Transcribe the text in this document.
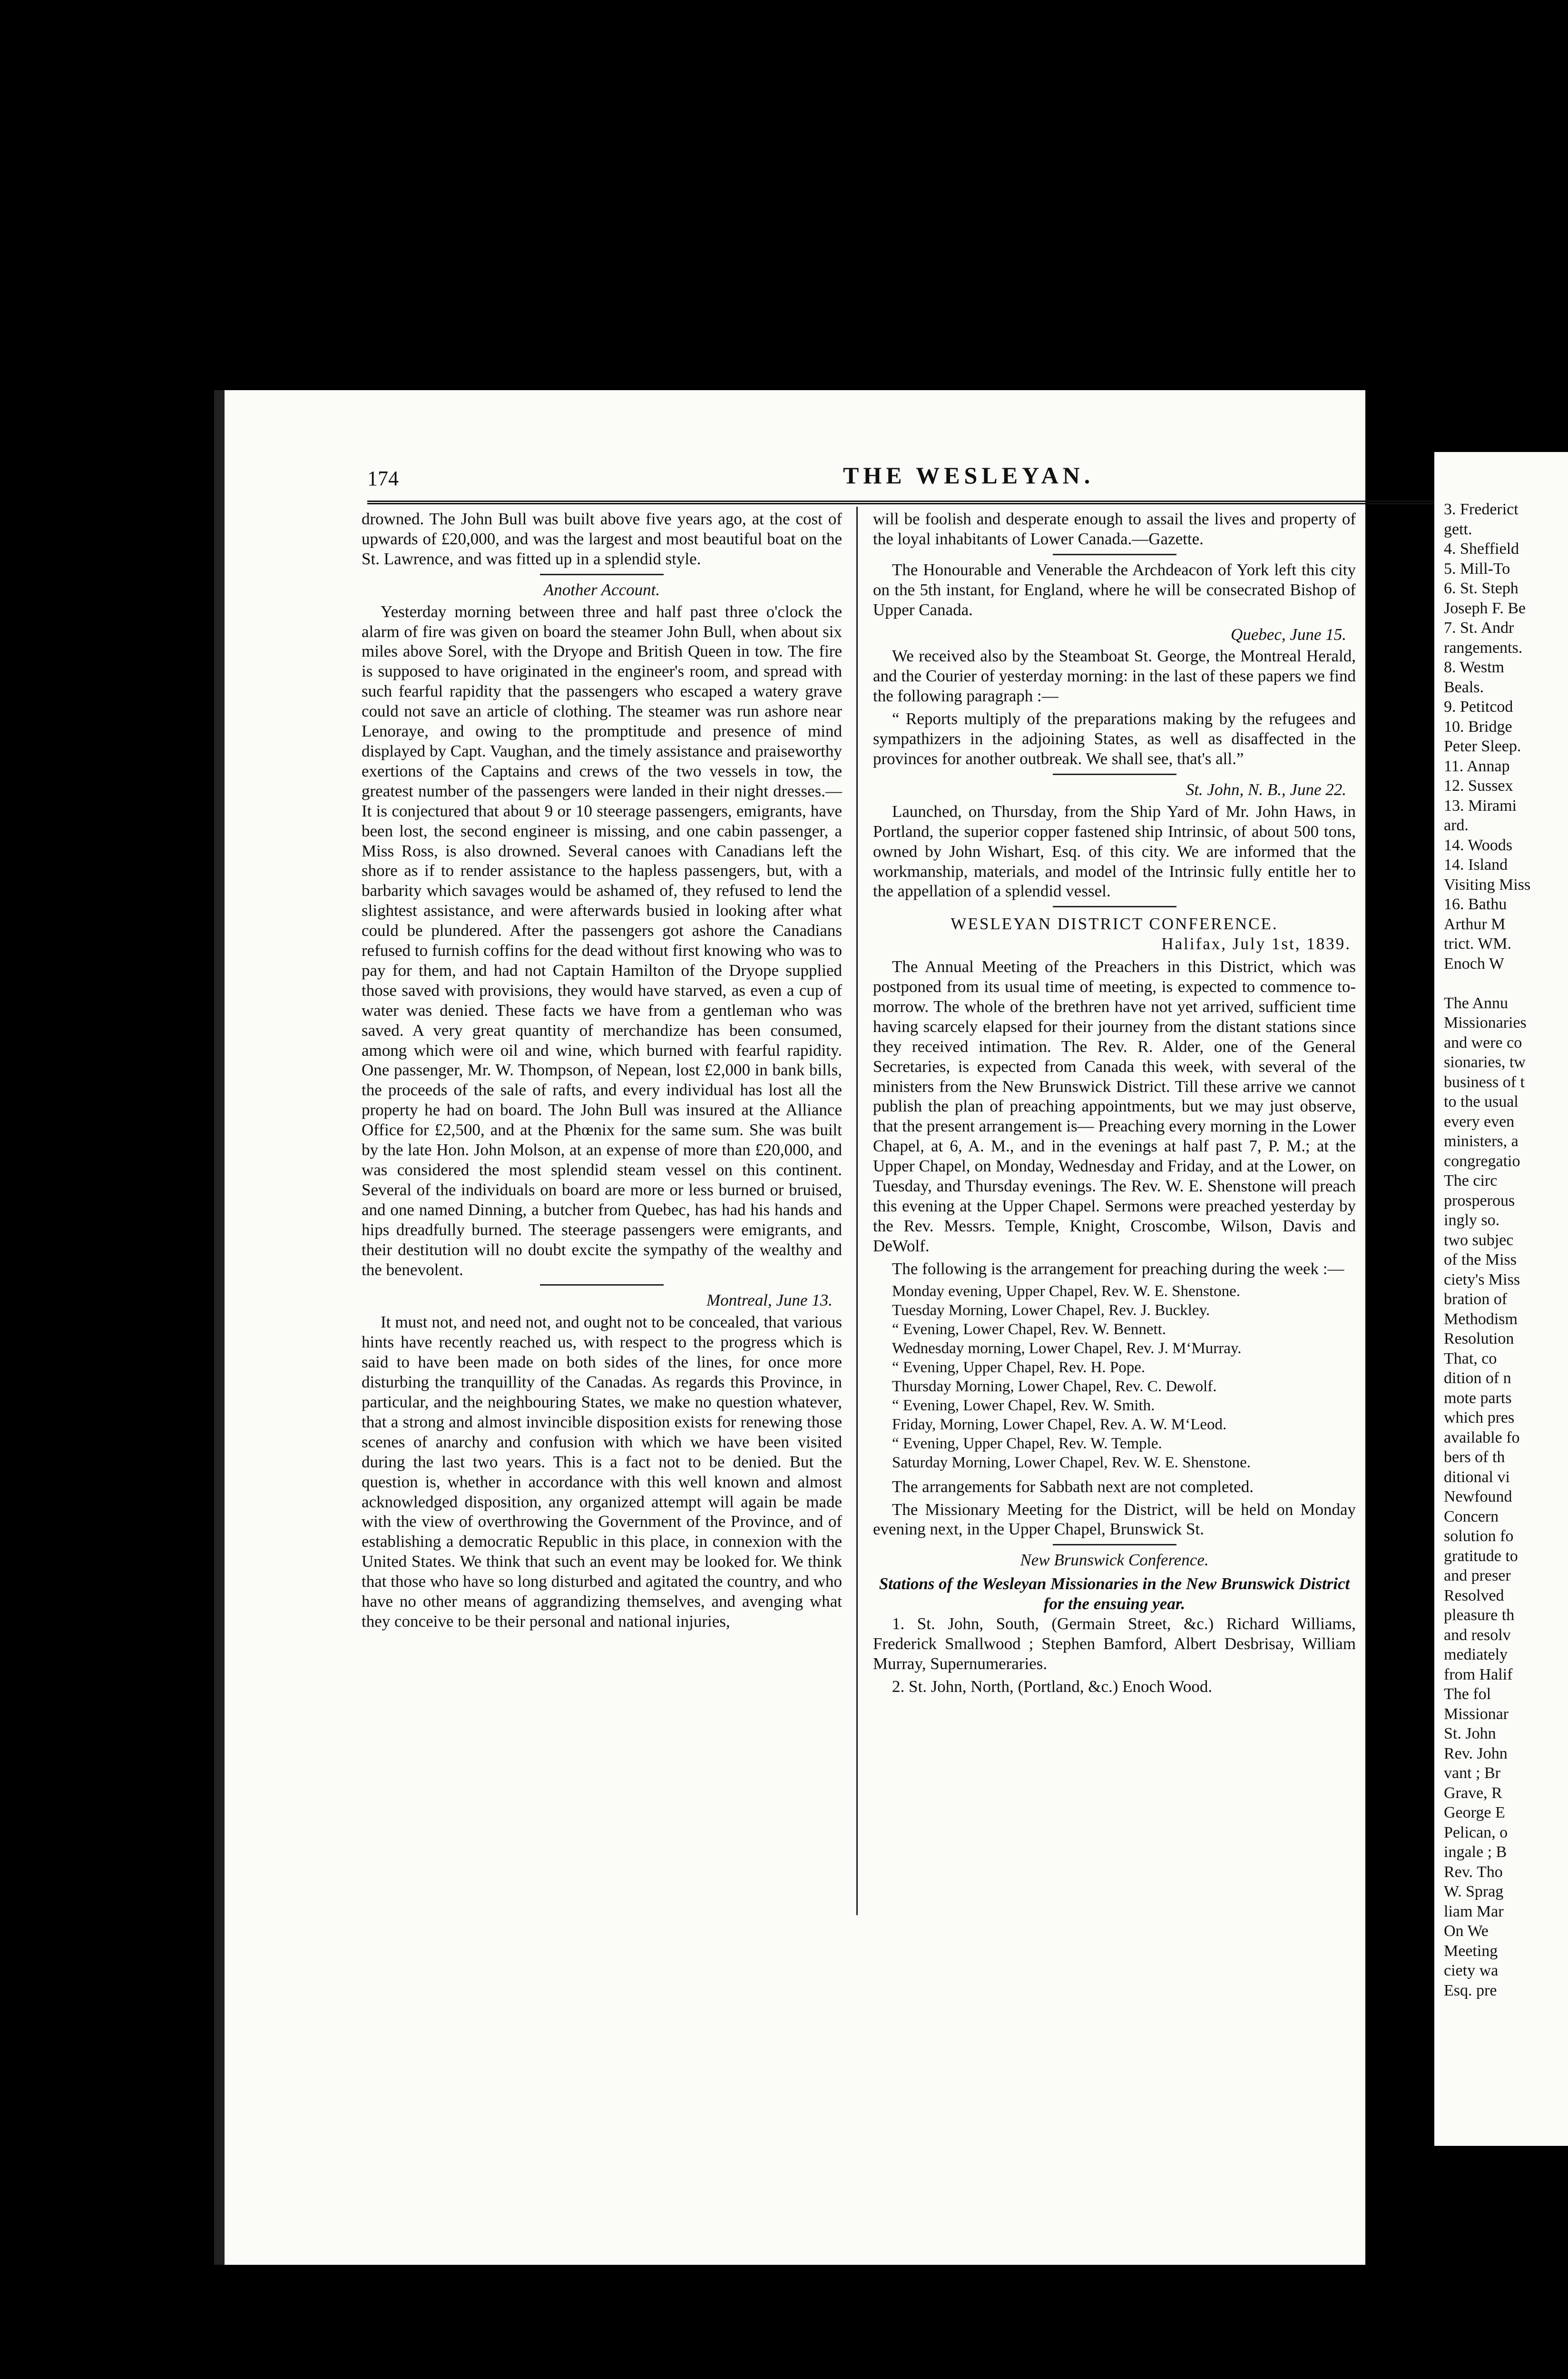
174	THE WESLEYAN.

drowned. The John Bull was built above five years ago, at the cost of upwards of £20,000, and was the largest and most beautiful boat on the St. Lawrence, and was fitted up in a splendid style.

Another Account.

Yesterday morning between three and half past three o'clock the alarm of fire was given on board the steamer John Bull, when about six miles above Sorel, with the Dryope and British Queen in tow. The fire is supposed to have originated in the engineer's room, and spread with such fearful rapidity that the passengers who escaped a watery grave could not save an article of clothing. The steamer was run ashore near Lenoraye, and owing to the promptitude and presence of mind displayed by Capt. Vaughan, and the timely assistance and praiseworthy exertions of the Captains and crews of the two vessels in tow, the greatest number of the passengers were landed in their night dresses.—It is conjectured that about 9 or 10 steerage passengers, emigrants, have been lost, the second engineer is missing, and one cabin passenger, a Miss Ross, is also drowned. Several canoes with Canadians left the shore as if to render assistance to the hapless passengers, but, with a barbarity which savages would be ashamed of, they refused to lend the slightest assistance, and were afterwards busied in looking after what could be plundered. After the passengers got ashore the Canadians refused to furnish coffins for the dead without first knowing who was to pay for them, and had not Captain Hamilton of the Dryope supplied those saved with provisions, they would have starved, as even a cup of water was denied. These facts we have from a gentleman who was saved. A very great quantity of merchandize has been consumed, among which were oil and wine, which burned with fearful rapidity. One passenger, Mr. W. Thompson, of Nepean, lost £2,000 in bank bills, the proceeds of the sale of rafts, and every individual has lost all the property he had on board. The John Bull was insured at the Alliance Office for £2,500, and at the Phœnix for the same sum. She was built by the late Hon. John Molson, at an expense of more than £20,000, and was considered the most splendid steam vessel on this continent. Several of the individuals on board are more or less burned or bruised, and one named Dinning, a butcher from Quebec, has had his hands and hips dreadfully burned. The steerage passengers were emigrants, and their destitution will no doubt excite the sympathy of the wealthy and the benevolent.

Montreal, June 13.

It must not, and need not, and ought not to be concealed, that various hints have recently reached us, with respect to the progress which is said to have been made on both sides of the lines, for once more disturbing the tranquillity of the Canadas. As regards this Province, in particular, and the neighbouring States, we make no question whatever, that a strong and almost invincible disposition exists for renewing those scenes of anarchy and confusion with which we have been visited during the last two years. This is a fact not to be denied. But the question is, whether in accordance with this well known and almost acknowledged disposition, any organized attempt will again be made with the view of overthrowing the Government of the Province, and of establishing a democratic Republic in this place, in connexion with the United States. We think that such an event may be looked for. We think that those who have so long disturbed and agitated the country, and who have no other means of aggrandizing themselves, and avenging what they conceive to be their personal and national injuries,

will be foolish and desperate enough to assail the lives and property of the loyal inhabitants of Lower Canada.—Gazette.

The Honourable and Venerable the Archdeacon of York left this city on the 5th instant, for England, where he will be consecrated Bishop of Upper Canada.

Quebec, June 15.

We received also by the Steamboat St. George, the Montreal Herald, and the Courier of yesterday morning: in the last of these papers we find the following paragraph :—

“ Reports multiply of the preparations making by the refugees and sympathizers in the adjoining States, as well as disaffected in the provinces for another outbreak. We shall see, that's all.”

St. John, N. B., June 22.

Launched, on Thursday, from the Ship Yard of Mr. John Haws, in Portland, the superior copper fastened ship Intrinsic, of about 500 tons, owned by John Wishart, Esq. of this city. We are informed that the workmanship, materials, and model of the Intrinsic fully entitle her to the appellation of a splendid vessel.

WESLEYAN DISTRICT CONFERENCE.
Halifax, July 1st, 1839.

The Annual Meeting of the Preachers in this District, which was postponed from its usual time of meeting, is expected to commence to-morrow. The whole of the brethren have not yet arrived, sufficient time having scarcely elapsed for their journey from the distant stations since they received intimation. The Rev. R. Alder, one of the General Secretaries, is expected from Canada this week, with several of the ministers from the New Brunswick District. Till these arrive we cannot publish the plan of preaching appointments, but we may just observe, that the present arrangement is— Preaching every morning in the Lower Chapel, at 6, A. M., and in the evenings at half past 7, P. M.; at the Upper Chapel, on Monday, Wednesday and Friday, and at the Lower, on Tuesday, and Thursday evenings. The Rev. W. E. Shenstone will preach this evening at the Upper Chapel. Sermons were preached yesterday by the Rev. Messrs. Temple, Knight, Croscombe, Wilson, Davis and DeWolf.

The following is the arrangement for preaching during the week :—

Monday evening, Upper Chapel, Rev. W. E. Shenstone.
Tuesday Morning, Lower Chapel, Rev. J. Buckley.
“ Evening, Lower Chapel, Rev. W. Bennett.
Wednesday morning, Lower Chapel, Rev. J. M‘Murray.
“ Evening, Upper Chapel, Rev. H. Pope.
Thursday Morning, Lower Chapel, Rev. C. Dewolf.
“ Evening, Lower Chapel, Rev. W. Smith.
Friday, Morning, Lower Chapel, Rev. A. W. M‘Leod.
“ Evening, Upper Chapel, Rev. W. Temple.
Saturday Morning, Lower Chapel, Rev. W. E. Shenstone.

The arrangements for Sabbath next are not completed.

The Missionary Meeting for the District, will be held on Monday evening next, in the Upper Chapel, Brunswick St.

New Brunswick Conference.
Stations of the Wesleyan Missionaries in the New Brunswick District for the ensuing year.

1. St. John, South, (Germain Street, &c.) Richard Williams, Frederick Smallwood ; Stephen Bamford, Albert Desbrisay, William Murray, Supernumeraries.

2. St. John, North, (Portland, &c.) Enoch Wood.

3. Frederict
gett.
4. Sheffield
5. Mill-To
6. St. Steph
Joseph F. Be
7. St. Andr
rangements.
8. Westm
Beals.
9. Petitcod
10. Bridge
Peter Sleep.
11. Annap
12. Sussex
13. Mirami
ard.
14. Woods
14. Island
Visiting Miss
16. Bathu
Arthur M
trict. WM.
Enoch W

The Annu
Missionaries
and were co
sionaries, tw
business of t
to the usual
every even
ministers, a
congregatio
The circ
prosperous
ingly so.
two subjec
of the Miss
ciety's Miss
bration of
Methodism
Resolution
That, co
dition of n
mote parts
which pres
available fo
bers of th
ditional vi
Newfound
Concern
solution fo
gratitude to
and preser
Resolved
pleasure th
and resolv
mediately
from Halif
The fol
Missionar
St. John
Rev. John
vant ; Br
Grave, R
George E
Pelican, o
ingale ; B
Rev. Tho
W. Sprag
liam Mar
On We
Meeting
ciety wa
Esq. pre
